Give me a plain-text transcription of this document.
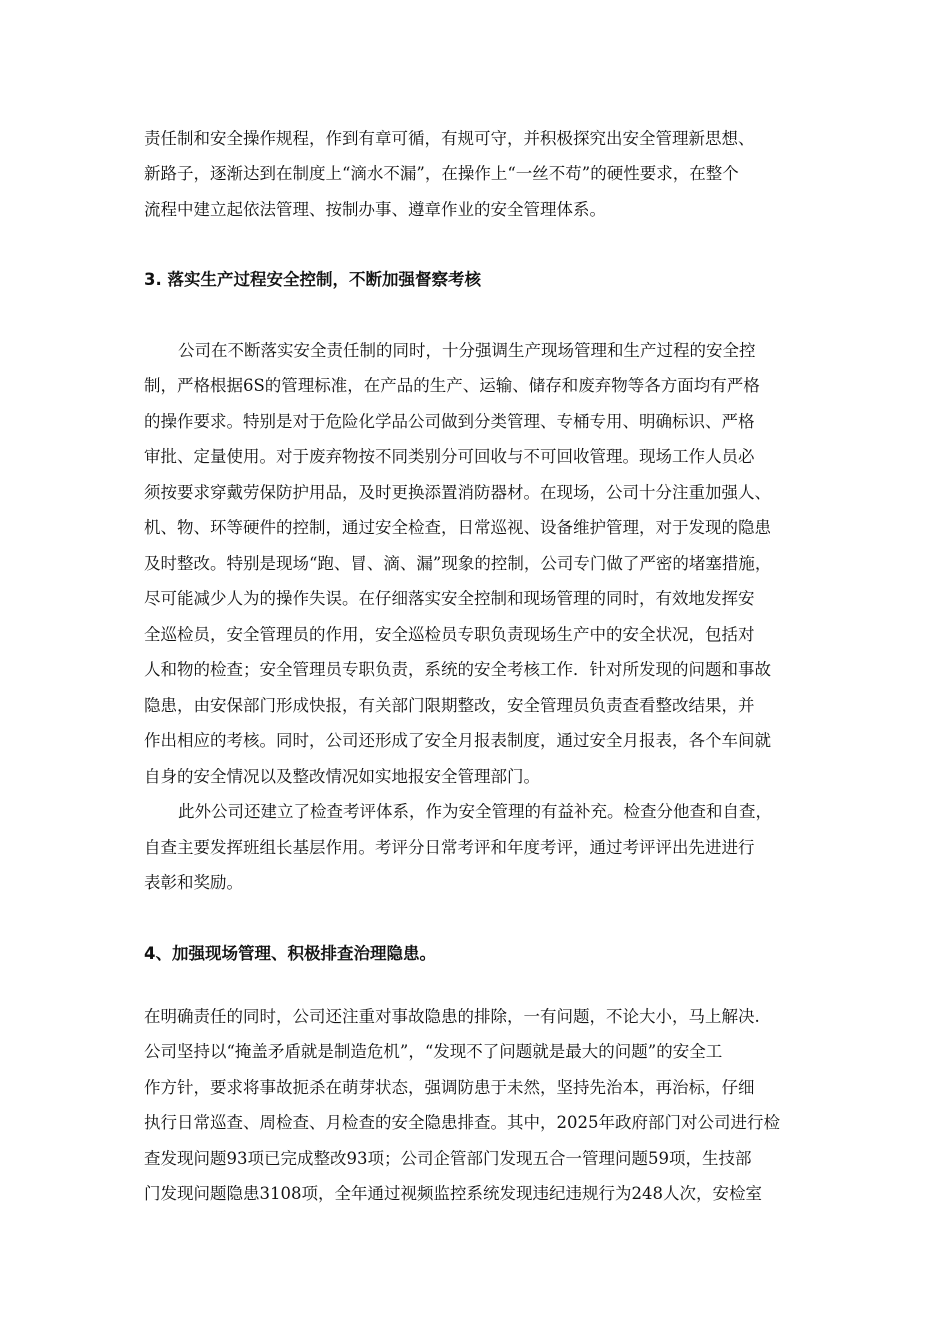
责任制和安全操作规程，作到有章可循，有规可守，并积极探究出安全管理新思想、
新路子，逐渐达到在制度上“滴水不漏”，在操作上“一丝不苟”的硬性要求，在整个
流程中建立起依法管理、按制办事、遵章作业的安全管理体系。
3. 落实生产过程安全控制，不断加强督察考核
公司在不断落实安全责任制的同时，十分强调生产现场管理和生产过程的安全控
制，严格根据6S的管理标准，在产品的生产、运输、储存和废弃物等各方面均有严格
的操作要求。特别是对于危险化学品公司做到分类管理、专桶专用、明确标识、严格
审批、定量使用。对于废弃物按不同类别分可回收与不可回收管理。现场工作人员必
须按要求穿戴劳保防护用品，及时更换添置消防器材。在现场，公司十分注重加强人、
机、物、环等硬件的控制，通过安全检查，日常巡视、设备维护管理，对于发现的隐患
及时整改。特别是现场“跑、冒、滴、漏”现象的控制，公司专门做了严密的堵塞措施，
尽可能减少人为的操作失误。在仔细落实安全控制和现场管理的同时，有效地发挥安
全巡检员，安全管理员的作用，安全巡检员专职负责现场生产中的安全状况，包括对
人和物的检查；安全管理员专职负责，系统的安全考核工作．针对所发现的问题和事故
隐患，由安保部门形成快报，有关部门限期整改，安全管理员负责查看整改结果，并
作出相应的考核。同时，公司还形成了安全月报表制度，通过安全月报表，各个车间就
自身的安全情况以及整改情况如实地报安全管理部门。
此外公司还建立了检查考评体系，作为安全管理的有益补充。检查分他查和自查，
自查主要发挥班组长基层作用。考评分日常考评和年度考评，通过考评评出先进进行
表彰和奖励。
4、加强现场管理、积极排查治理隐患。
在明确责任的同时，公司还注重对事故隐患的排除，一有问题，不论大小，马上解决.
公司坚持以“掩盖矛盾就是制造危机”，“发现不了问题就是最大的问题”的安全工
作方针，要求将事故扼杀在萌芽状态，强调防患于未然，坚持先治本，再治标，仔细
执行日常巡查、周检查、月检查的安全隐患排查。其中，2025年政府部门对公司进行检
查发现问题93项已完成整改93项；公司企管部门发现五合一管理问题59项，生技部
门发现问题隐患3108项，全年通过视频监控系统发现违纪违规行为248人次，安检室
